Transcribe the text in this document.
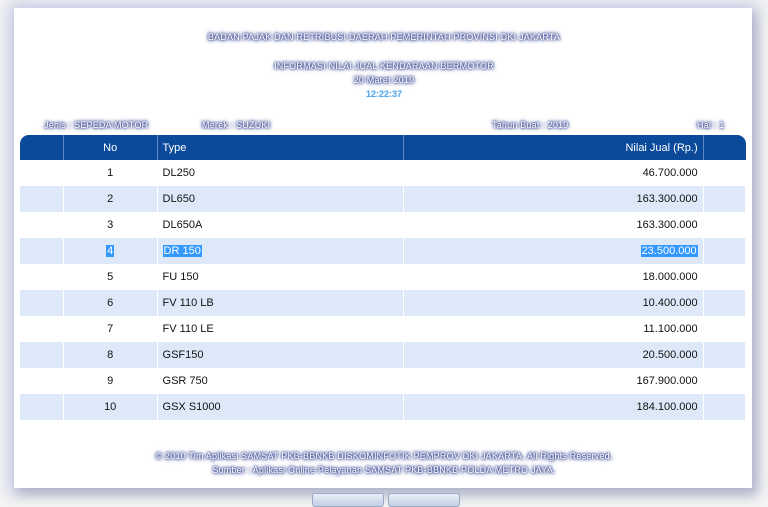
BADAN PAJAK DAN RETRIBUSI DAERAH PEMERINTAH PROVINSI DKI JAKARTA
INFORMASI NILAI JUAL KENDARAAN BERMOTOR
20 Maret 2019
12:22:37
Jenis : SEPEDA MOTOR	Merek : SUZUKI	Tahun Buat : 2019	Hal : 1
	No	Type	Nilai Jual (Rp.)	
	1	DL250	46.700.000	
	2	DL650	163.300.000	
	3	DL650A	163.300.000	
	4	DR 150	23.500.000	
	5	FU 150	18.000.000	
	6	FV 110 LB	10.400.000	
	7	FV 110 LE	11.100.000	
	8	GSF150	20.500.000	
	9	GSR 750	167.900.000	
	10	GSX S1000	184.100.000	
© 2010 Tim Aplikasi SAMSAT PKB-BBNKB DISKOMINFOTIK PEMPROV DKI JAKARTA. All Rights Reserved.
Sumber : Aplikasi Online Pelayanan SAMSAT PKB-BBNKB POLDA METRO JAYA.
